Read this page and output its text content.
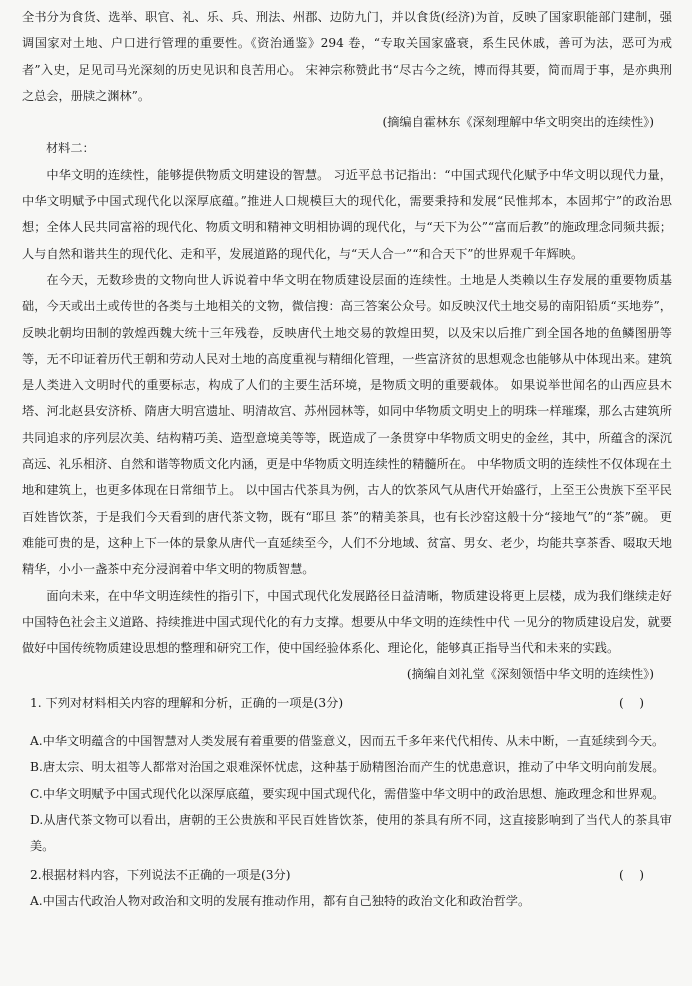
全书分为食货、选举、职官、礼、乐、兵、刑法、州郡、边防九门，并以食货(经济)为首，反映了国家职能部门建制，强调国家对土地、户口进行管理的重要性。《资治通鉴》294 卷，“专取关国家盛衰，系生民休戚，善可为法，恶可为戒者”入史，足见司马光深刻的历史见识和良苦用心。 宋神宗称赞此书“尽古今之统，博而得其要，简而周于事，是亦典刑之总会，册牍之渊林”。

(摘编自霍林东《深刻理解中华文明突出的连续性》)

材料二：

中华文明的连续性，能够提供物质文明建设的智慧。 习近平总书记指出：“中国式现代化赋予中华文明以现代力量，中华文明赋予中国式现代化以深厚底蕴。”推进人口规模巨大的现代化，需要秉持和发展“民惟邦本，本固邦宁”的政治思想；全体人民共同富裕的现代化、物质文明和精神文明相协调的现代化，与“天下为公”“富而后教”的施政理念同频共振；人与自然和谐共生的现代化、走和平，发展道路的现代化，与“天人合一”“和合天下”的世界观千年辉映。

在今天，无数珍贵的文物向世人诉说着中华文明在物质建设层面的连续性。土地是人类赖以生存发展的重要物质基础，今天或出土或传世的各类与土地相关的文物，微信搜：高三答案公众号。如反映汉代土地交易的南阳铅质“买地券”，反映北朝均田制的敦煌西魏大统十三年残卷，反映唐代土地交易的敦煌田契，以及宋以后推广到全国各地的鱼鳞图册等等，无不印证着历代王朝和劳动人民对土地的高度重视与精细化管理，一些富济贫的思想观念也能够从中体现出来。建筑是人类进入文明时代的重要标志，构成了人们的主要生活环境，是物质文明的重要载体。 如果说举世闻名的山西应县木塔、河北赵县安济桥、隋唐大明宫遗址、明清故宫、苏州园林等，如同中华物质文明史上的明珠一样璀璨，那么古建筑所共同追求的序列层次美、结构精巧美、造型意境美等等，既造成了一条贯穿中华物质文明史的金丝，其中，所蕴含的深沉高远、礼乐相济、自然和谐等物质文化内涵，更是中华物质文明连续性的精髓所在。 中华物质文明的连续性不仅体现在土地和建筑上，也更多体现在日常细节上。 以中国古代茶具为例，古人的饮茶风气从唐代开始盛行，上至王公贵族下至平民百姓皆饮茶，于是我们今天看到的唐代茶文物，既有“耶旦 茶”的精美茶具，也有长沙窑这般十分“接地气”的“茶”碗。 更难能可贵的是，这种上下一体的景象从唐代一直延续至今，人们不分地域、贫富、男女、老少，均能共享茶香、啜取天地精华，小小一盏茶中充分浸润着中华文明的物质智慧。

面向未来，在中华文明连续性的指引下，中国式现代化发展路径日益清晰，物质建设将更上层楼，成为我们继续走好中国特色社会主义道路、持续推进中国式现代化的有力支撑。想要从中华文明的连续性中代 一见分的物质建设启发，就要做好中国传统物质建设思想的整理和研究工作，使中国经验体系化、理论化，能够真正指导当代和未来的实践。

(摘编自刘礼堂《深刻领悟中华文明的连续性》)

1. 下列对材料相关内容的理解和分析，正确的一项是(3分)	(    )

A.中华文明蕴含的中国智慧对人类发展有着重要的借鉴意义，因而五千多年来代代相传、从未中断，一直延续到今天。

B.唐太宗、明太祖等人都常对治国之艰难深怀忧虑，这种基于励精图治而产生的忧患意识，推动了中华文明向前发展。

C.中华文明赋予中国式现代化以深厚底蕴，要实现中国式现代化，需借鉴中华文明中的政治思想、施政理念和世界观。

D.从唐代茶文物可以看出，唐朝的王公贵族和平民百姓皆饮茶，使用的茶具有所不同，这直接影响到了当代人的茶具审美。

2.根据材料内容，下列说法不正确的一项是(3分)	(    )

A.中国古代政治人物对政治和文明的发展有推动作用，都有自己独特的政治文化和政治哲学。
